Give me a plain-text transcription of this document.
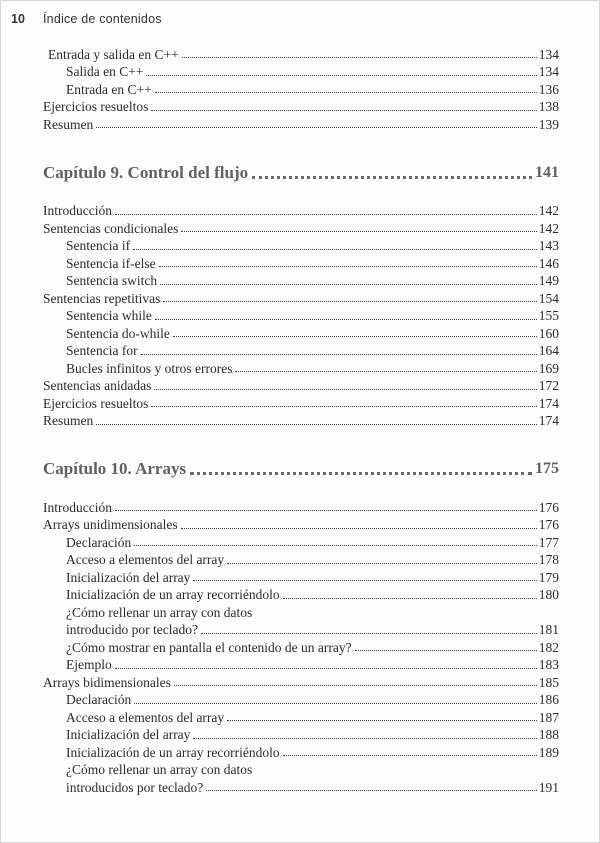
10	Índice de contenidos
Entrada y salida en C++	134
Salida en C++	134
Entrada en C++	136
Ejercicios resueltos	138
Resumen	139
Capítulo 9. Control del flujo	141
Introducción	142
Sentencias condicionales	142
Sentencia if	143
Sentencia if-else	146
Sentencia switch	149
Sentencias repetitivas	154
Sentencia while	155
Sentencia do-while	160
Sentencia for	164
Bucles infinitos y otros errores	169
Sentencias anidadas	172
Ejercicios resueltos	174
Resumen	174
Capítulo 10. Arrays	175
Introducción	176
Arrays unidimensionales	176
Declaración	177
Acceso a elementos del array	178
Inicialización del array	179
Inicialización de un array recorriéndolo	180
¿Cómo rellenar un array con datos
introducido por teclado?	181
¿Cómo mostrar en pantalla el contenido de un array?	182
Ejemplo	183
Arrays bidimensionales	185
Declaración	186
Acceso a elementos del array	187
Inicialización del array	188
Inicialización de un array recorriéndolo	189
¿Cómo rellenar un array con datos
introducidos por teclado?	191
